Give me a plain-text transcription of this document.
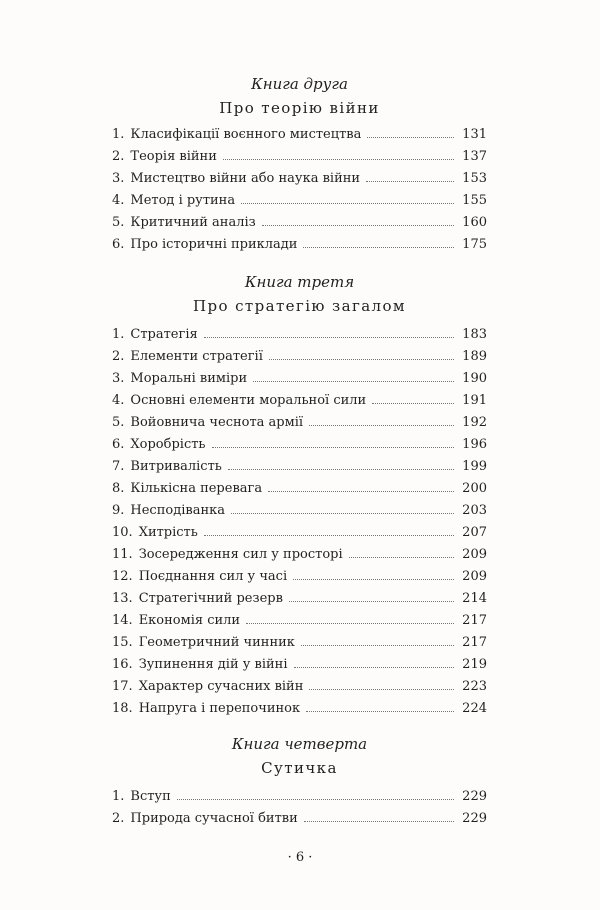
Книга друга

Про теорію війни

1. Класифікації воєнного мистецтва	131
2. Теорія війни	137
3. Мистецтво війни або наука війни	153
4. Метод і рутина	155
5. Критичний аналіз	160
6. Про історичні приклади	175

Книга третя

Про стратегію загалом

1. Стратегія	183
2. Елементи стратегії	189
3. Моральні виміри	190
4. Основні елементи моральної сили	191
5. Войовнича чеснота армії	192
6. Хоробрість	196
7. Витривалість	199
8. Кількісна перевага	200
9. Несподіванка	203
10. Хитрість	207
11. Зосередження сил у просторі	209
12. Поєднання сил у часі	209
13. Стратегічний резерв	214
14. Економія сили	217
15. Геометричний чинник	217
16. Зупинення дій у війні	219
17. Характер сучасних війн	223
18. Напруга і перепочинок	224

Книга четверта

Сутичка

1. Вступ	229
2. Природа сучасної битви	229
· 6 ·
